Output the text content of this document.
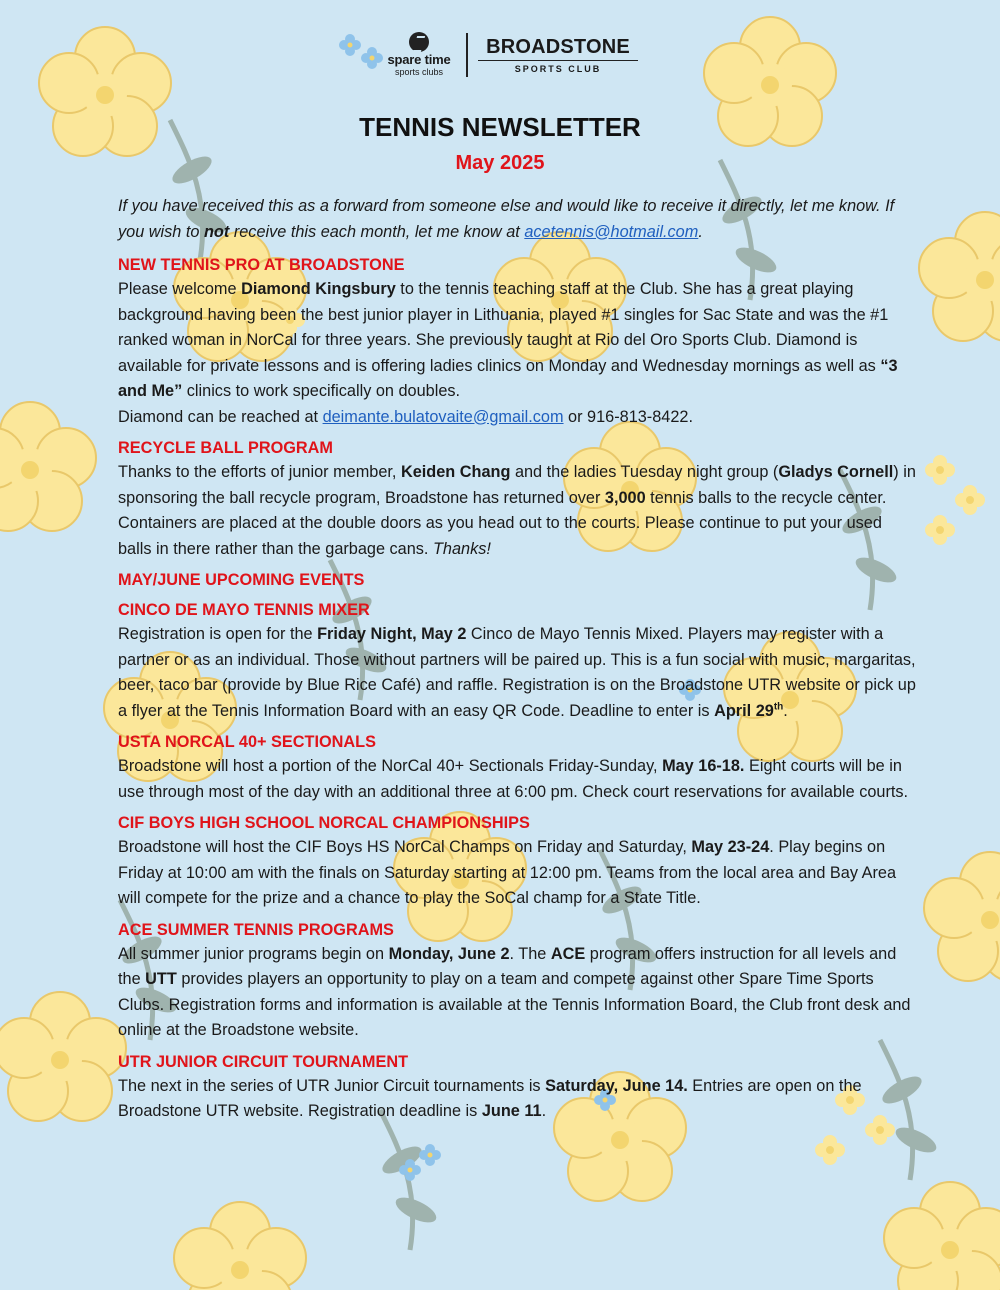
spare time
sports clubs
BROADSTONE
SPORTS CLUB
TENNIS NEWSLETTER
May 2025

If you have received this as a forward from someone else and would like to receive it directly, let me know. If you wish to not receive this each month, let me know at acetennis@hotmail.com.

NEW TENNIS PRO AT BROADSTONE

Please welcome Diamond Kingsbury to the tennis teaching staff at the Club. She has a great playing background having been the best junior player in Lithuania, played #1 singles for Sac State and was the #1 ranked woman in NorCal for three years. She previously taught at Rio del Oro Sports Club. Diamond is available for private lessons and is offering ladies clinics on Monday and Wednesday mornings as well as “3 and Me” clinics to work specifically on doubles.

Diamond can be reached at deimante.bulatovaite@gmail.com or 916-813-8422.

RECYCLE BALL PROGRAM

Thanks to the efforts of junior member, Keiden Chang and the ladies Tuesday night group (Gladys Cornell) in sponsoring the ball recycle program, Broadstone has returned over 3,000 tennis balls to the recycle center. Containers are placed at the double doors as you head out to the courts. Please continue to put your used balls in there rather than the garbage cans. Thanks!

MAY/JUNE UPCOMING EVENTS

CINCO DE MAYO TENNIS MIXER

Registration is open for the Friday Night, May 2 Cinco de Mayo Tennis Mixed. Players may register with a partner or as an individual. Those without partners will be paired up. This is a fun social with music, margaritas, beer, taco bar (provide by Blue Rice Café) and raffle. Registration is on the Broadstone UTR website or pick up a flyer at the Tennis Information Board with an easy QR Code. Deadline to enter is April 29th.

USTA NORCAL 40+ SECTIONALS

Broadstone will host a portion of the NorCal 40+ Sectionals Friday-Sunday, May 16-18. Eight courts will be in use through most of the day with an additional three at 6:00 pm. Check court reservations for available courts.

CIF BOYS HIGH SCHOOL NORCAL CHAMPIONSHIPS

Broadstone will host the CIF Boys HS NorCal Champs on Friday and Saturday, May 23-24. Play begins on Friday at 10:00 am with the finals on Saturday starting at 12:00 pm. Teams from the local area and Bay Area will compete for the prize and a chance to play the SoCal champ for a State Title.

ACE SUMMER TENNIS PROGRAMS

All summer junior programs begin on Monday, June 2. The ACE program offers instruction for all levels and the UTT provides players an opportunity to play on a team and compete against other Spare Time Sports Clubs. Registration forms and information is available at the Tennis Information Board, the Club front desk and online at the Broadstone website.

UTR JUNIOR CIRCUIT TOURNAMENT

The next in the series of UTR Junior Circuit tournaments is Saturday, June 14. Entries are open on the Broadstone UTR website. Registration deadline is June 11.
